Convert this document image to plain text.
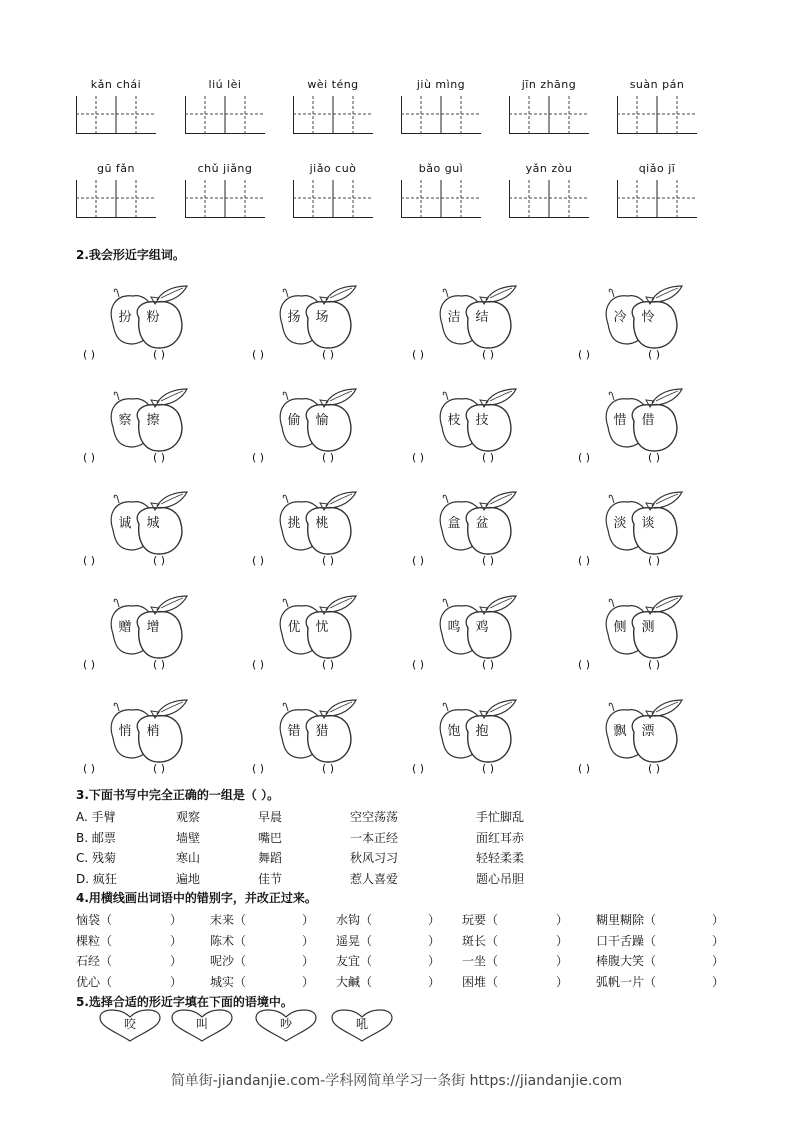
kǎn chái	liú lèi	wèi téng	jiù mìng	jīn zhāng	suàn pán
gū fǎn	chǔ jiǎng	jiǎo cuò	bǎo guì	yǎn zòu	qiǎo jī
2.我会形近字组词。
扮 粉
( )	( )
扬 场
( )	( )
洁 结
( )	( )
冷 怜
( )	( )
察 擦
( )	( )
偷 愉
( )	( )
枝 技
( )	( )
惜 借
( )	( )
诚 城
( )	( )
挑 桃
( )	( )
盒 盆
( )	( )
淡 谈
( )	( )
赠 增
( )	( )
优 忧
( )	( )
鸣 鸡
( )	( )
侧 测
( )	( )
悄 梢
( )	( )
错 猎
( )	( )
饱 抱
( )	( )
飘 漂
( )	( )
3.下面书写中完全正确的一组是（ ）。
A. 手臂	观察	早晨	空空荡荡	手忙脚乱
B. 邮票	墙壁	嘴巴	一本正经	面红耳赤
C. 残菊	寒山	舞蹈	秋风习习	轻轻柔柔
D. 疯狂	遍地	佳节	惹人喜爱	题心吊胆
4.用横线画出词语中的错别字，并改正过来。
恼袋 （	） 末来 （	） 水钩 （	） 玩要 （	） 糊里糊除 （	）
棵粒 （	） 陈术 （	） 遥晃 （	） 斑长 （	） 口干舌躁 （	）
石经 （	） 呢沙 （	） 友宜 （	） 一坐 （	） 棒腹大笑 （	）
优心 （	） 城实 （	） 大鹹 （	） 困堆 （	） 弧帆一片 （	）
5.选择合适的形近字填在下面的语境中。
咬	叫	吵	吼
简单街-jiandanjie.com-学科网简单学习一条街 https://jiandanjie.com
